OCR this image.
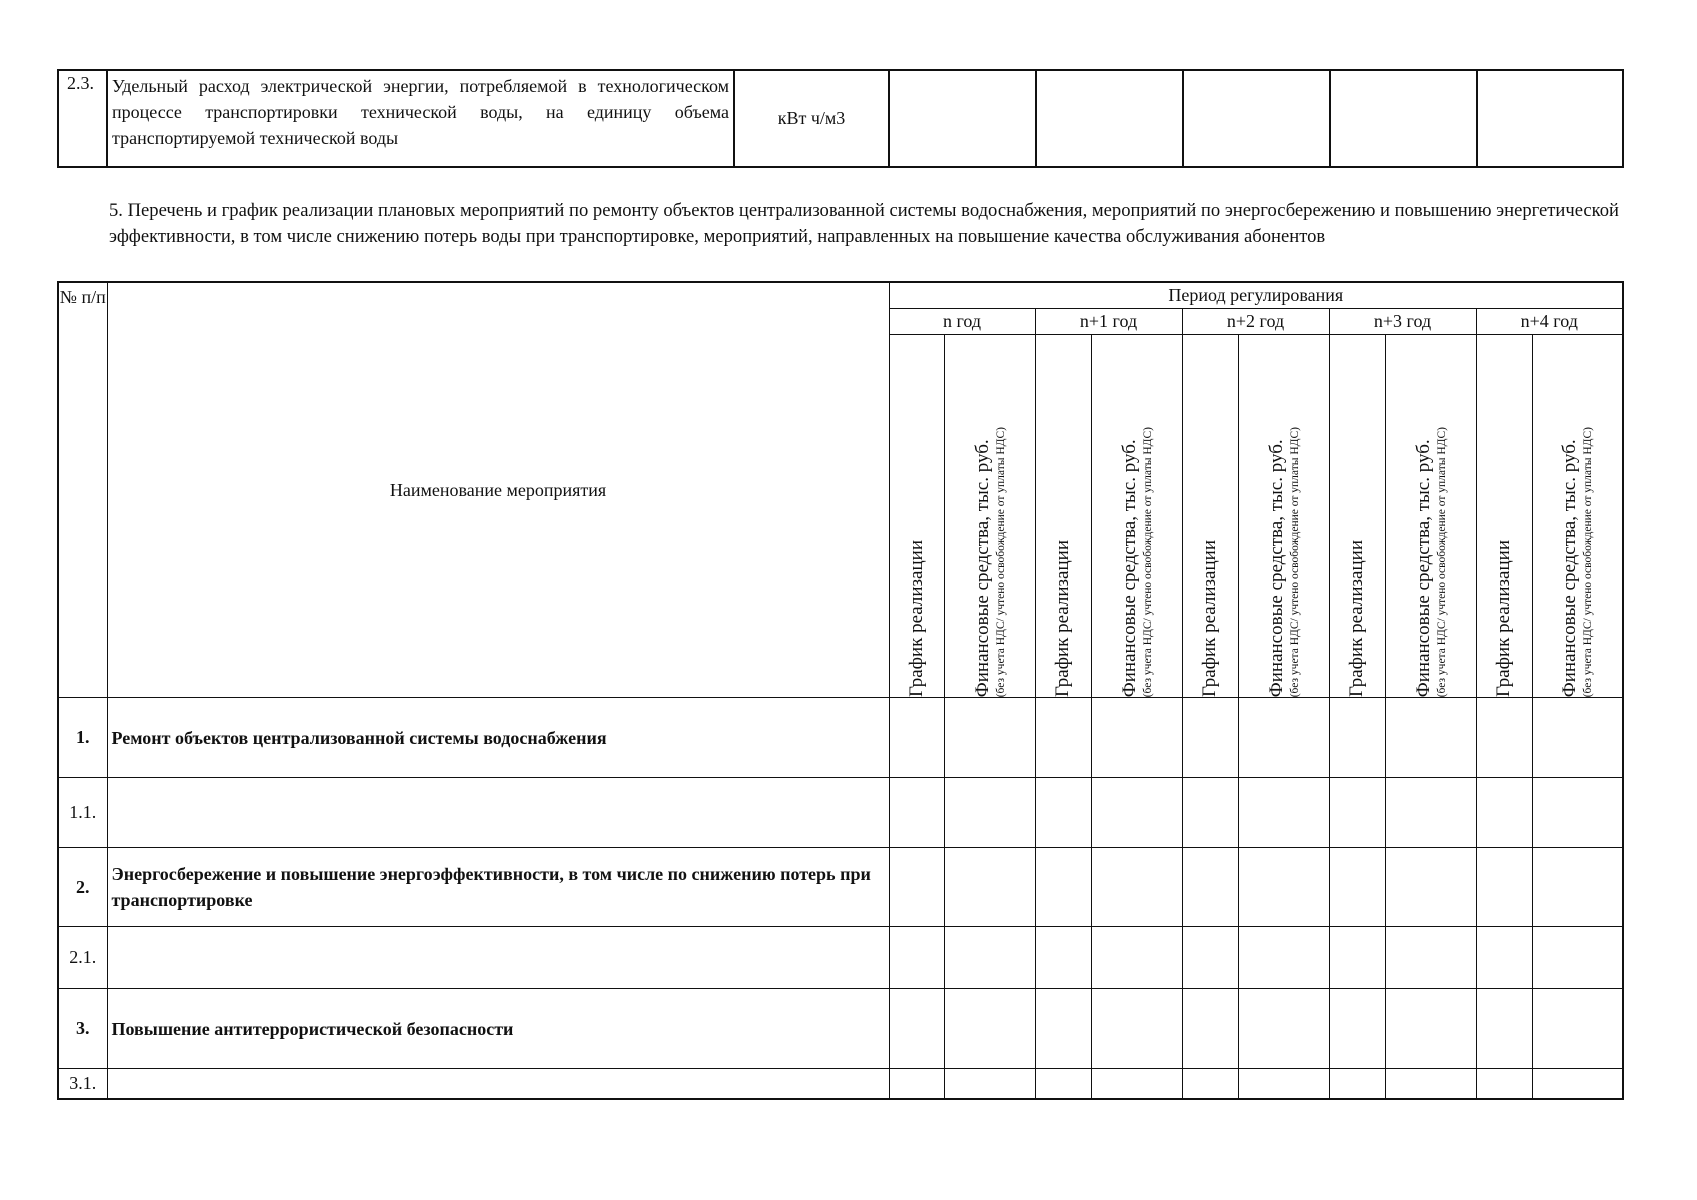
2.3.	Удельный расход электрической энергии, потребляемой в технологическом процессе транспортировки технической воды, на единицу объема транспортируемой технической воды	кВт ч/м3					
5. Перечень и график реализации плановых мероприятий по ремонту объектов централизованной системы водоснабжения, мероприятий по энергосбережению и повышению энергетической эффективности, в том числе снижению потерь воды при транспортировке, мероприятий, направленных на повышение качества обслуживания абонентов
№ п/п	Наименование мероприятия	Период регулирования									
		n год		n+1 год		n+2 год		n+3 год		n+4 год	

		График реализации	Финансовые средства, тыс. руб. (без учета НДС/ учтено освобождение от уплаты НДС)	График реализации	Финансовые средства, тыс. руб. (без учета НДС/ учтено освобождение от уплаты НДС)	График реализации	Финансовые средства, тыс. руб. (без учета НДС/ учтено освобождение от уплаты НДС)	График реализации	Финансовые средства, тыс. руб. (без учета НДС/ учтено освобождение от уплаты НДС)	График реализации	Финансовые средства, тыс. руб. (без учета НДС/ учтено освобождение от уплаты НДС)

1.	Ремонт объектов централизованной системы водоснабжения										
1.1.											
2.	Энергосбережение и повышение энергоэффективности, в том числе по снижению потерь при транспортировке										
2.1.											
3.	Повышение антитеррористической безопасности										
3.1.											
